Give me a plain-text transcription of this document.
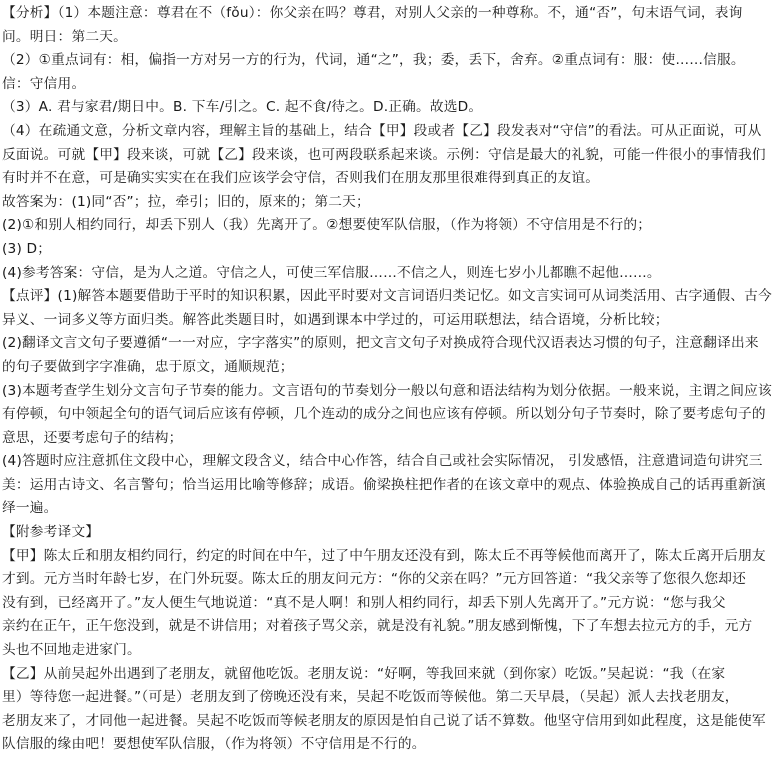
【分析】（1）本题注意：尊君在不（fǒu）：你父亲在吗？尊君，对别人父亲的一种尊称。不，通“否”，句末语气词，表询
问。明日：第二天。
（2）①重点词有：相，偏指一方对另一方的行为，代词，通“之”，我；委，丢下，舍弃。②重点词有：服：使……信服。
信：守信用。
（3）A. 君与家君/期日中。B. 下车/引之。C. 起不食/待之。D.正确。故选D。
（4）在疏通文意，分析文章内容，理解主旨的基础上，结合【甲】段或者【乙】段发表对“守信”的看法。可从正面说，可从
反面说。可就【甲】段来谈，可就【乙】段来谈，也可两段联系起来谈。示例：守信是最大的礼貌，可能一件很小的事情我们
有时并不在意，可是确实实实在在我们应该学会守信，否则我们在朋友那里很难得到真正的友谊。
故答案为：(1)同“否”；拉，牵引；旧的，原来的；第二天；
(2)①和别人相约同行，却丢下别人（我）先离开了。②想要使军队信服，（作为将领）不守信用是不行的；
(3) D；
(4)参考答案：守信，是为人之道。守信之人，可使三军信服……不信之人，则连七岁小儿都瞧不起他……。
【点评】(1)解答本题要借助于平时的知识积累，因此平时要对文言词语归类记忆。如文言实词可从词类活用、古字通假、古今
异义、一词多义等方面归类。解答此类题目时，如遇到课本中学过的，可运用联想法，结合语境，分析比较；
(2)翻译文言文句子要遵循“一一对应，字字落实”的原则，把文言文句子对换成符合现代汉语表达习惯的句子，注意翻译出来
的句子要做到字字准确，忠于原文，通顺规范；
(3)本题考查学生划分文言句子节奏的能力。文言语句的节奏划分一般以句意和语法结构为划分依据。一般来说，主谓之间应该
有停顿，句中领起全句的语气词后应该有停顿，几个连动的成分之间也应该有停顿。所以划分句子节奏时，除了要考虑句子的
意思，还要考虑句子的结构；
(4)答题时应注意抓住文段中心，理解文段含义，结合中心作答，结合自己或社会实际情况， 引发感悟，注意遣词造句讲究三
美：运用古诗文、名言警句；恰当运用比喻等修辞；成语。偷梁换柱把作者的在该文章中的观点、体验换成自己的话再重新演
绎一遍。
【附参考译文】
【甲】陈太丘和朋友相约同行，约定的时间在中午，过了中午朋友还没有到，陈太丘不再等候他而离开了，陈太丘离开后朋友
才到。元方当时年龄七岁，在门外玩耍。陈太丘的朋友问元方：“你的父亲在吗？”元方回答道：“我父亲等了您很久您却还
没有到，已经离开了。”友人便生气地说道：“真不是人啊！和别人相约同行，却丢下别人先离开了。”元方说：“您与我父
亲约在正午，正午您没到，就是不讲信用；对着孩子骂父亲，就是没有礼貌。”朋友感到惭愧，下了车想去拉元方的手，元方
头也不回地走进家门。
【乙】从前吴起外出遇到了老朋友，就留他吃饭。老朋友说：“好啊，等我回来就（到你家）吃饭。”吴起说：“我（在家
里）等待您一起进餐。”（可是）老朋友到了傍晚还没有来，吴起不吃饭而等候他。第二天早晨，（吴起）派人去找老朋友，
老朋友来了，才同他一起进餐。吴起不吃饭而等候老朋友的原因是怕自己说了话不算数。他坚守信用到如此程度，这是能使军
队信服的缘由吧！要想使军队信服，（作为将领）不守信用是不行的。
